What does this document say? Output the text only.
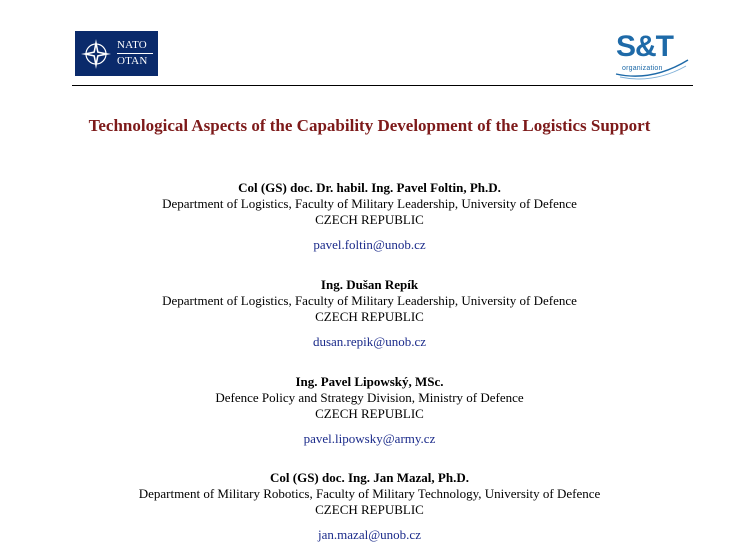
NATO
OTAN	S&T
organization
Technological Aspects of the Capability Development of the Logistics Support
Col (GS) doc. Dr. habil. Ing. Pavel Foltin, Ph.D.
Department of Logistics, Faculty of Military Leadership, University of Defence
CZECH REPUBLIC
pavel.foltin@unob.cz
Ing. Dušan Repík
Department of Logistics, Faculty of Military Leadership, University of Defence
CZECH REPUBLIC
dusan.repik@unob.cz
Ing. Pavel Lipowský, MSc.
Defence Policy and Strategy Division, Ministry of Defence
CZECH REPUBLIC
pavel.lipowsky@army.cz
Col (GS) doc. Ing. Jan Mazal, Ph.D.
Department of Military Robotics, Faculty of Military Technology, University of Defence
CZECH REPUBLIC
jan.mazal@unob.cz
